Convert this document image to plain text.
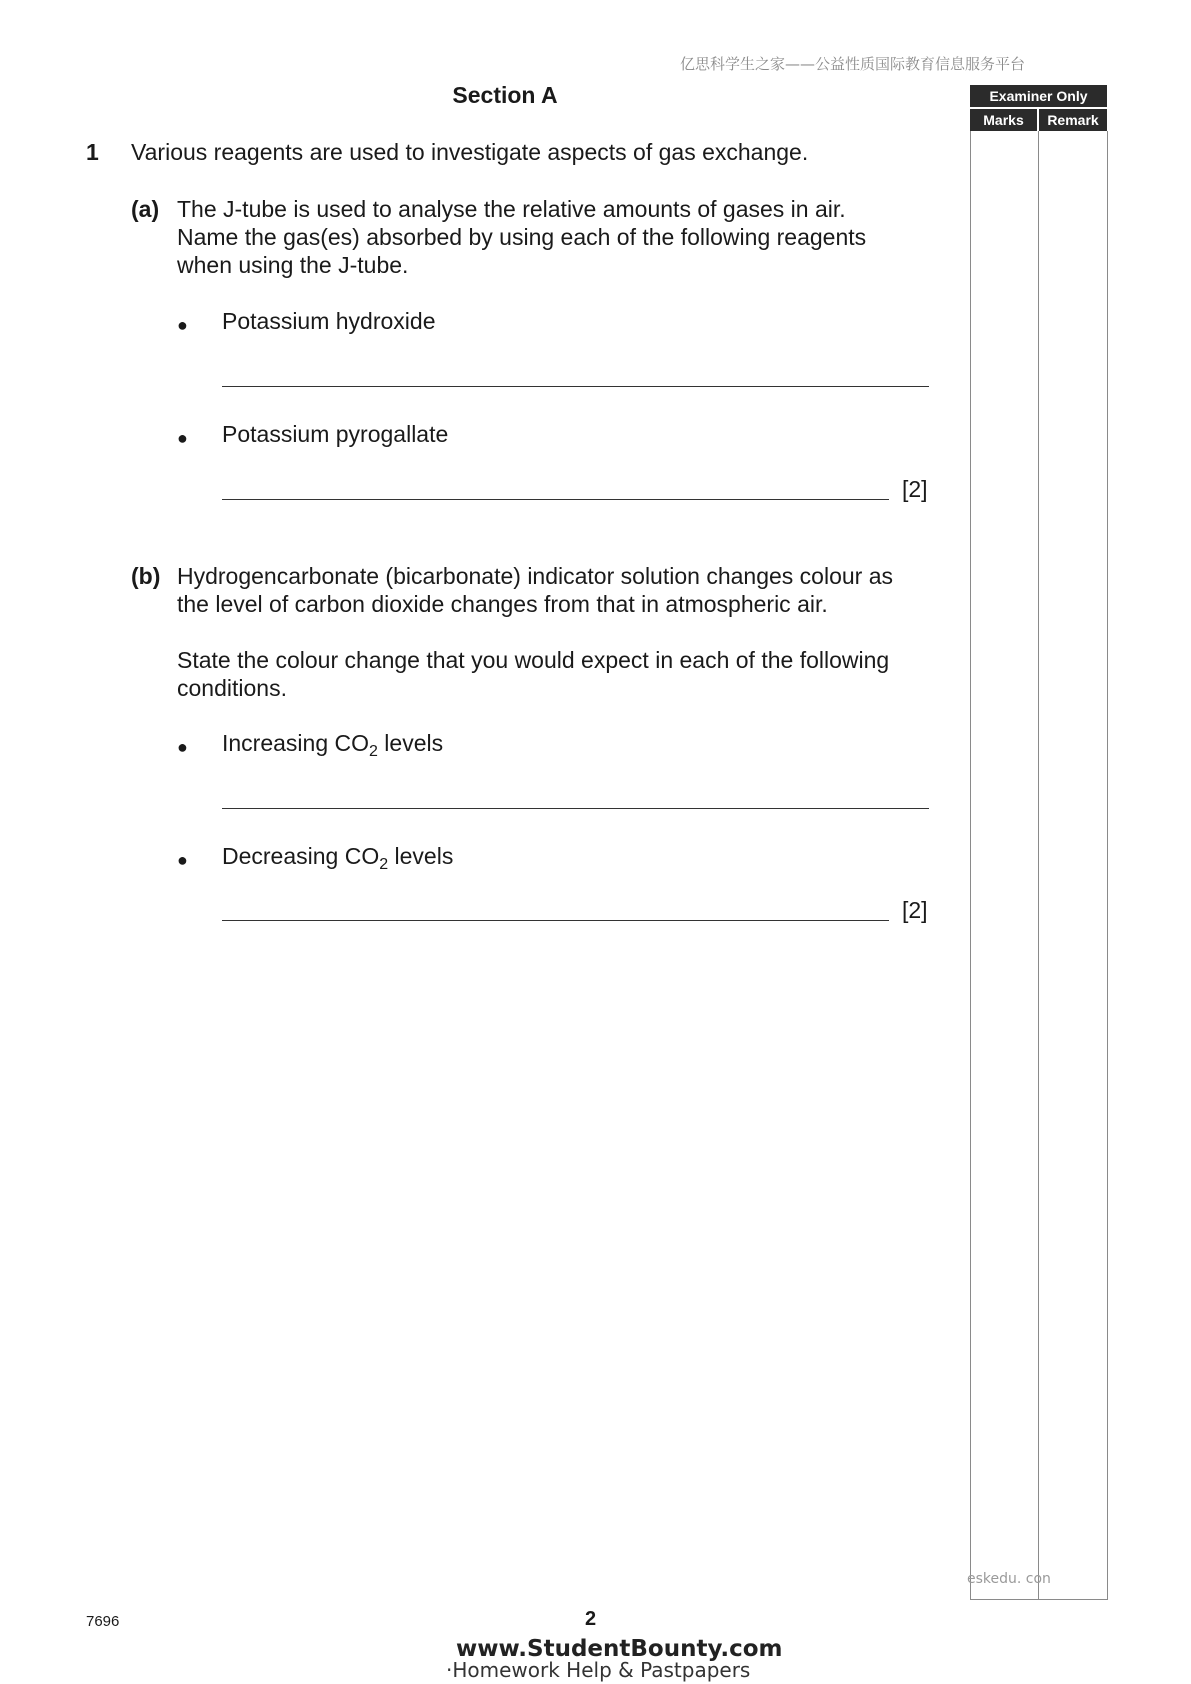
亿思科学生之家——公益性质国际教育信息服务平台
Section A	Examiner Only
Marks	Remark
eskedu. con
1 Various reagents are used to investigate aspects of gas exchange.
(a) The J-tube is used to analyse the relative amounts of gases in air.
Name the gas(es) absorbed by using each of the following reagents
when using the J-tube.
● Potassium hydroxide
● Potassium pyrogallate
[2]
(b) Hydrogencarbonate (bicarbonate) indicator solution changes colour as
the level of carbon dioxide changes from that in atmospheric air.
State the colour change that you would expect in each of the following
conditions.
● Increasing $CO_2$ levels
● Decreasing $CO_2$ levels
[2]
7696	2
www.StudentBounty.com
·Homework Help & Pastpapers
